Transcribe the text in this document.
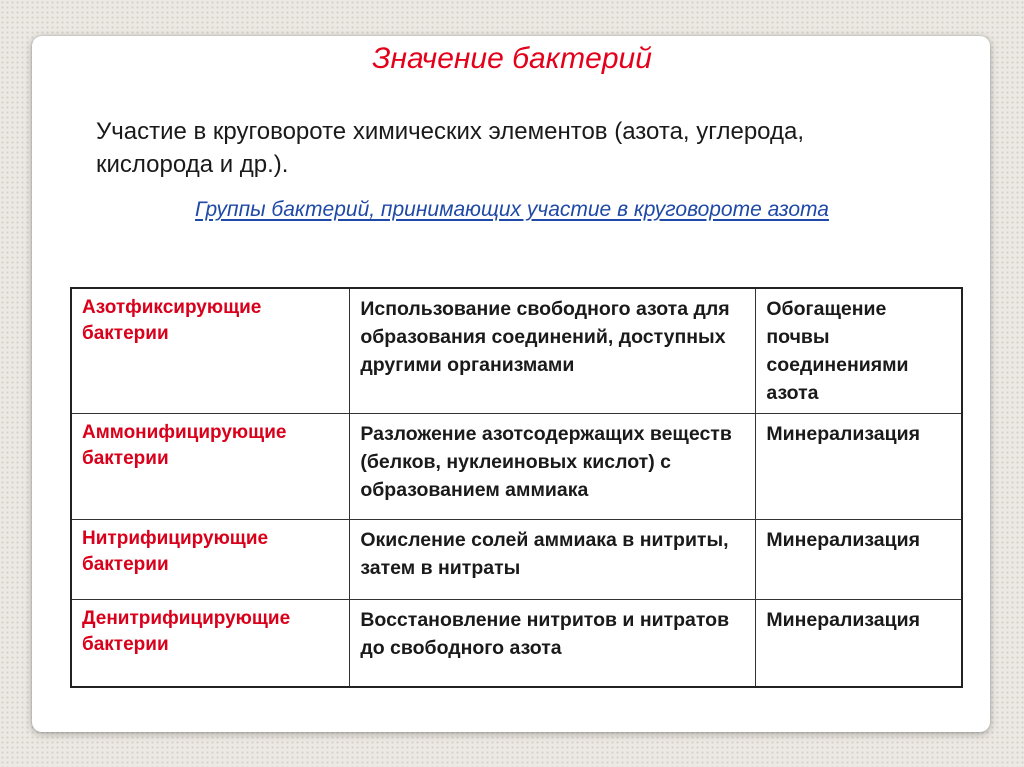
Значение бактерий

Участие в круговороте химических элементов (азота, углерода, кислорода и др.).

Группы бактерий, принимающих участие в круговороте азота
Азотфиксирующие бактерии	Использование свободного азота для образования соединений, доступных другими организмами	Обогащение почвы соединениями азота
Аммонифицирующие бактерии	Разложение азотсодержащих веществ (белков, нуклеиновых кислот) с образованием аммиака	Минерализация
Нитрифицирующие бактерии	Окисление солей аммиака в нитриты, затем в нитраты	Минерализация
Денитрифицирующие бактерии	Восстановление нитритов и нитратов до свободного азота	Минерализация
